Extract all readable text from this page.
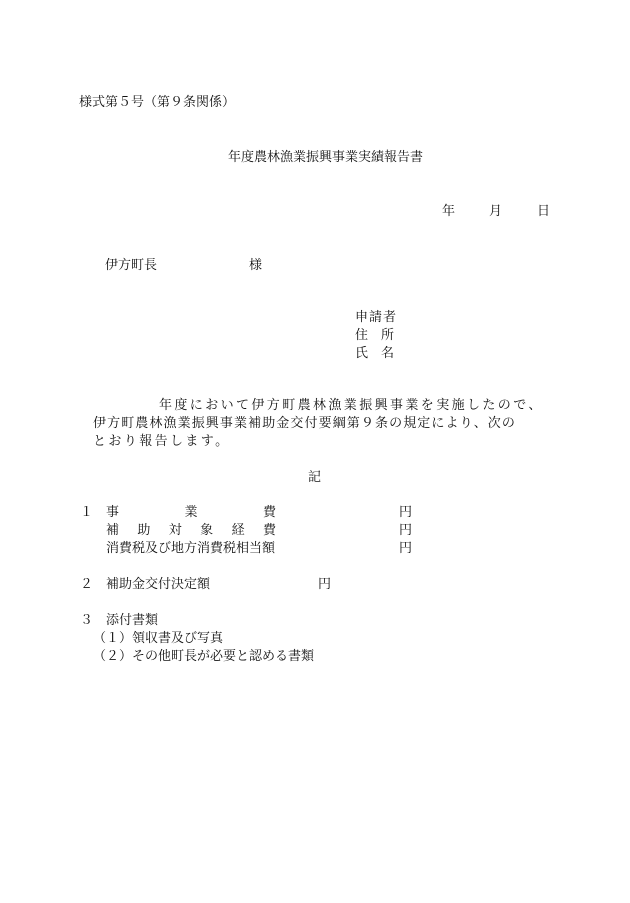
様式第５号（第９条関係）
年度農林漁業振興事業実績報告書
年	月	日
伊方町長	様
申請者
住　所
氏　名
年度において伊方町農林漁業振興事業を実施したので、
伊方町農林漁業振興事業補助金交付要綱第９条の規定により、次の
とおり報告します。
記
１ 事	業	費	円
補 助 対 象 経 費	円
消費税及び地方消費税相当額	円
２ 補助金交付決定額	円
３ 添付書類
（１）領収書及び写真
（２）その他町長が必要と認める書類
